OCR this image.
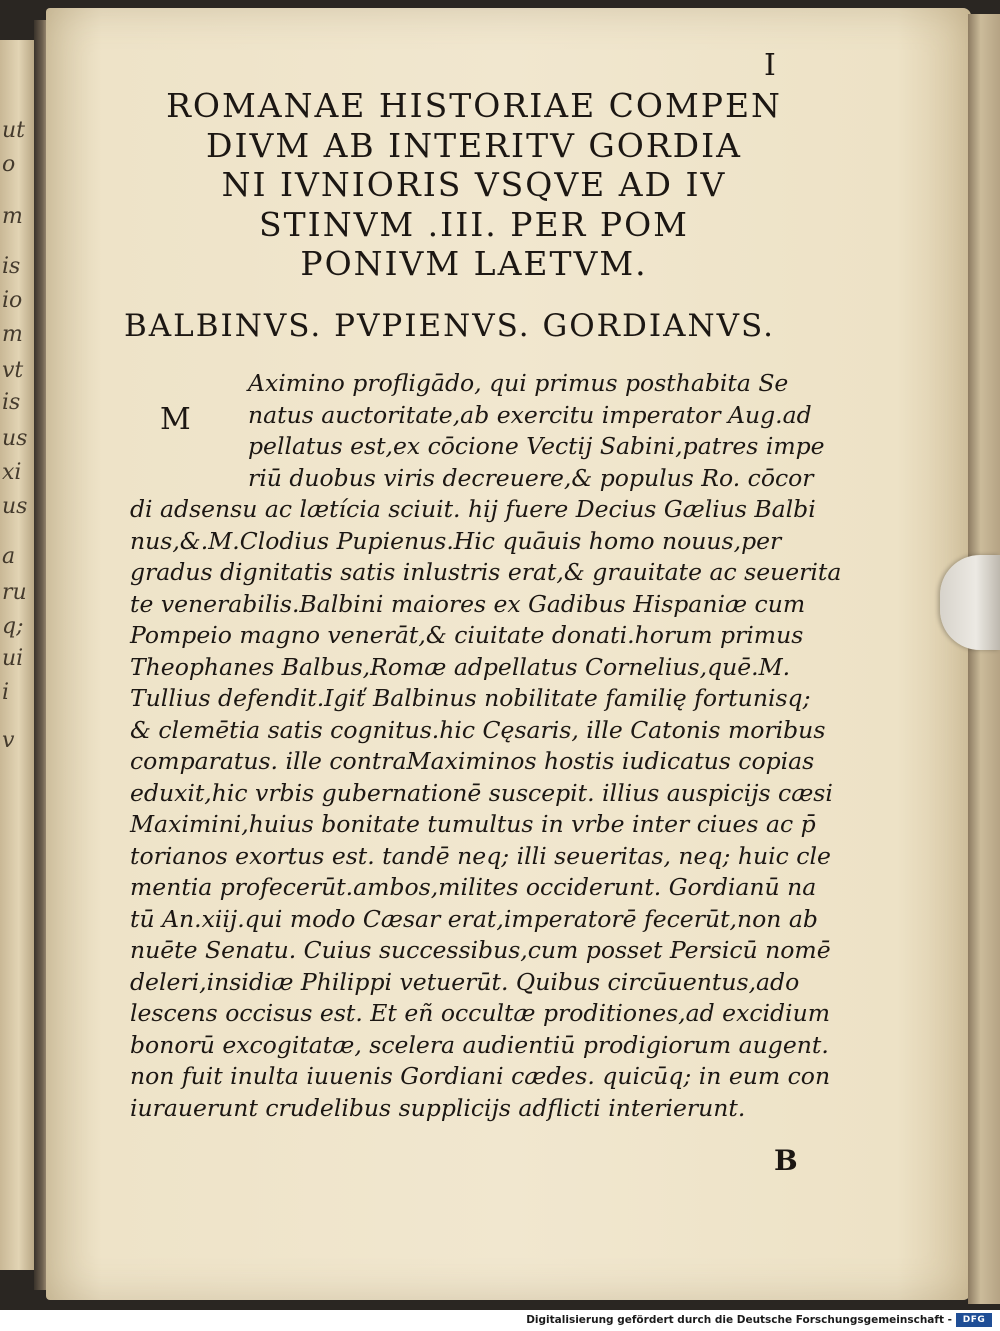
ut
o
m
is
io
m
vt
is
us
xi
us
a
ru
q;
ui
i
v
I
ROMANAE HISTORIAE COMPEN
DIVM AB INTERITV GORDIA
NI IVNIORIS VSQVE AD IV
STINVM .III. PER POM
PONIVM LAETVM.
BALBINVS. PVPIENVS. GORDIANVS.
M
Aximino profligādo, qui primus posthabita Se
natus auctoritate,ab exercitu imperator Aug.ad
pellatus est,ex cōcione Vectij Sabini,patres impe
riū duobus viris decreuere,& populus Ro. cōcor
di adsensu ac lætícia sciuit. hij fuere Decius Gælius Balbi
nus,&.M.Clodius Pupienus.Hic quāuis homo nouus,per
gradus dignitatis satis inlustris erat,& grauitate ac seuerita
te venerabilis.Balbini maiores ex Gadibus Hispaniæ cum
Pompeio magno venerāt,& ciuitate donati.horum primus
Theophanes Balbus,Romæ adpellatus Cornelius,quē.M.
Tullius defendit.Igiť Balbinus nobilitate familię fortunisq;
& clemētia satis cognitus.hic Cęsaris, ille Catonis moribus
comparatus. ille contraMaximinos hostis iudicatus copias
eduxit,hic vrbis gubernationē suscepit. illius auspicijs cæsi
Maximini,huius bonitate tumultus in vrbe inter ciues ac p̄
torianos exortus est. tandē neq; illi seueritas, neq; huic cle
mentia profecerūt.ambos,milites occiderunt. Gordianū na
tū An.xiij.qui modo Cæsar erat,imperatorē fecerūt,non ab
nuēte Senatu. Cuius successibus,cum posset Persicū nomē
deleri,insidiæ Philippi vetuerūt. Quibus circūuentus,ado
lescens occisus est. Et eñ occultæ proditiones,ad excidium
bonorū excogitatæ, scelera audientiū prodigiorum augent.
non fuit inulta iuuenis Gordiani cædes. quicūq; in eum con
iurauerunt crudelibus supplicijs adflicti interierunt.
B
Digitalisierung gefördert durch die Deutsche Forschungsgemeinschaft -	DFG
